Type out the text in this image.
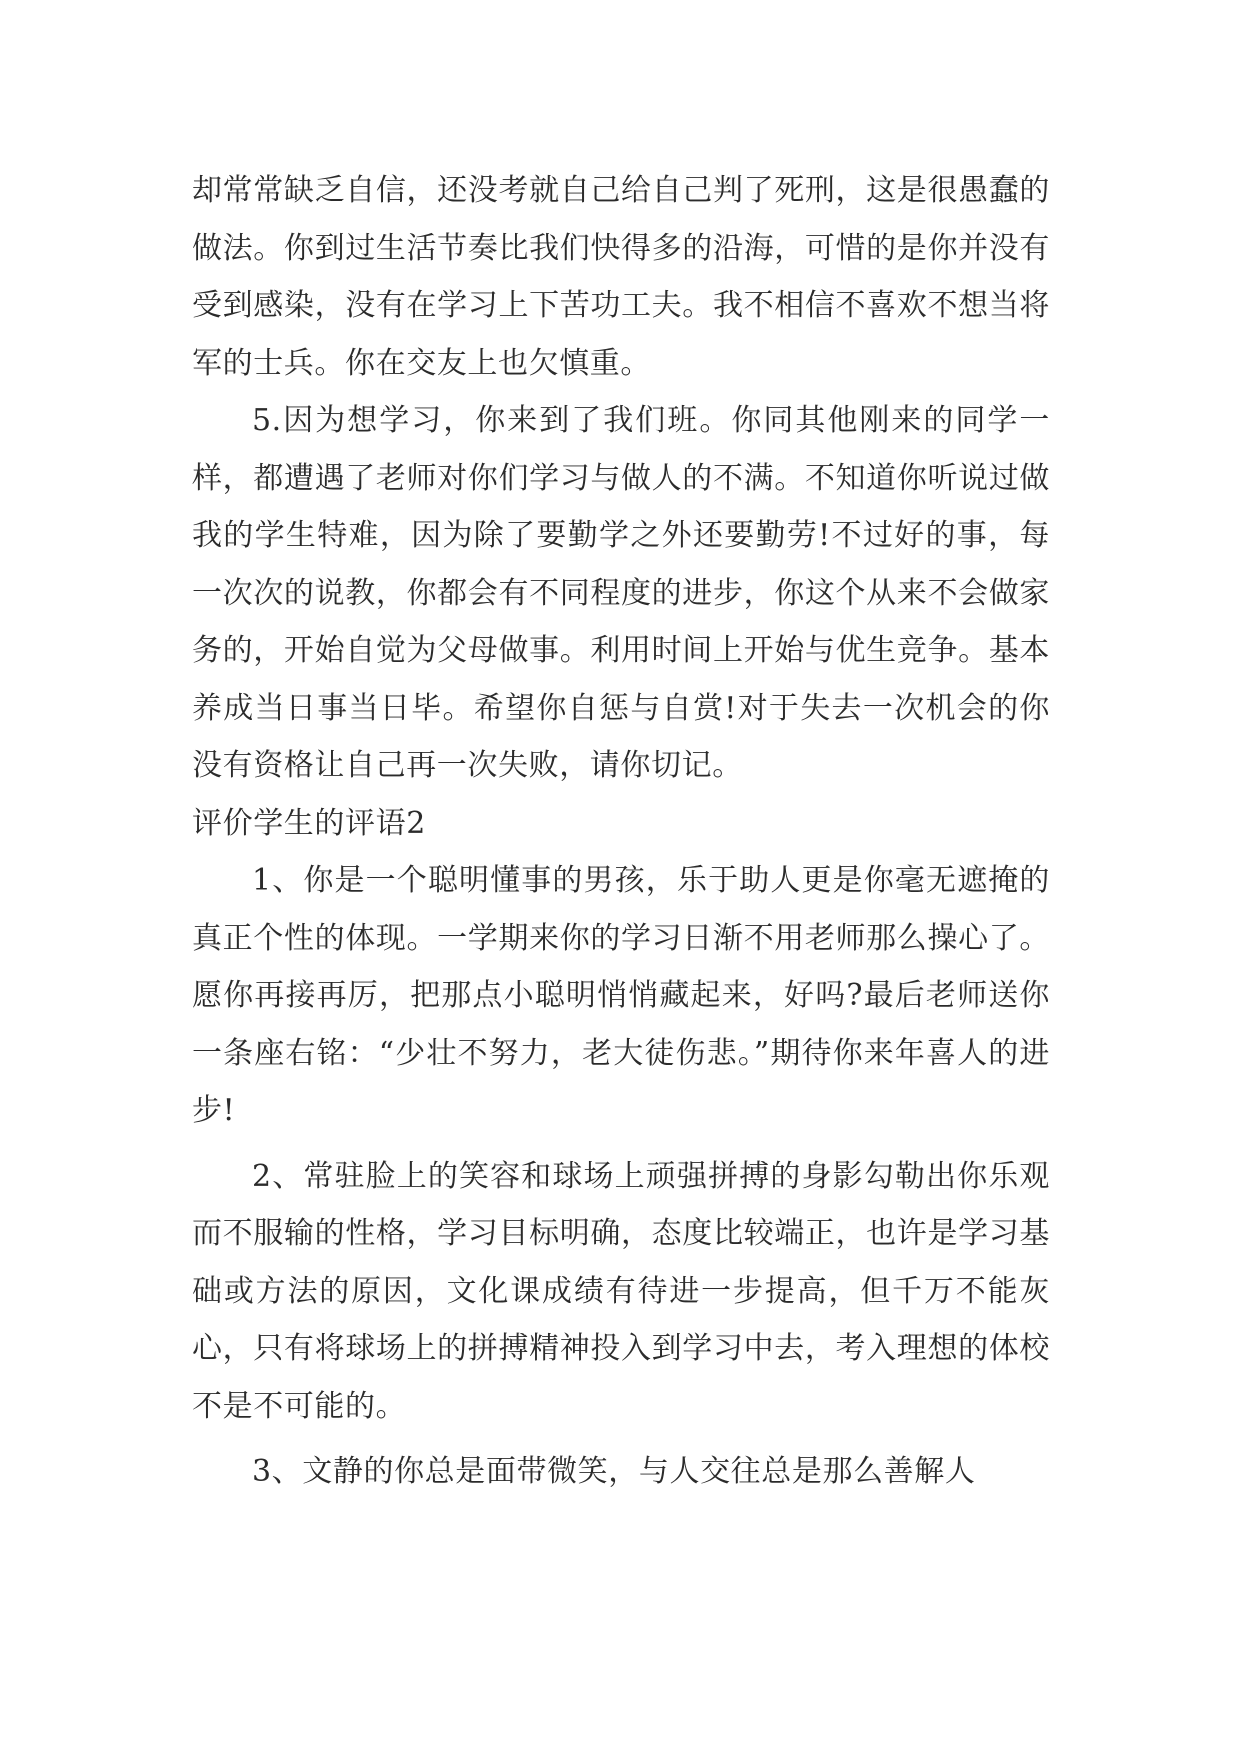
却常常缺乏自信，还没考就自己给自己判了死刑，这是很愚蠢的做法。你到过生活节奏比我们快得多的沿海，可惜的是你并没有受到感染，没有在学习上下苦功工夫。我不相信不喜欢不想当将军的士兵。你在交友上也欠慎重。

5.因为想学习，你来到了我们班。你同其他刚来的同学一样，都遭遇了老师对你们学习与做人的不满。不知道你听说过做我的学生特难，因为除了要勤学之外还要勤劳!不过好的事，每一次次的说教，你都会有不同程度的进步，你这个从来不会做家务的，开始自觉为父母做事。利用时间上开始与优生竞争。基本养成当日事当日毕。希望你自惩与自赏!对于失去一次机会的你没有资格让自己再一次失败，请你切记。

评价学生的评语2

1、你是一个聪明懂事的男孩，乐于助人更是你毫无遮掩的真正个性的体现。一学期来你的学习日渐不用老师那么操心了。愿你再接再厉，把那点小聪明悄悄藏起来，好吗?最后老师送你一条座右铭：“少壮不努力，老大徒伤悲。”期待你来年喜人的进步!

2、常驻脸上的笑容和球场上顽强拼搏的身影勾勒出你乐观而不服输的性格，学习目标明确，态度比较端正，也许是学习基础或方法的原因，文化课成绩有待进一步提高，但千万不能灰心，只有将球场上的拼搏精神投入到学习中去，考入理想的体校不是不可能的。

3、文静的你总是面带微笑，与人交往总是那么善解人
